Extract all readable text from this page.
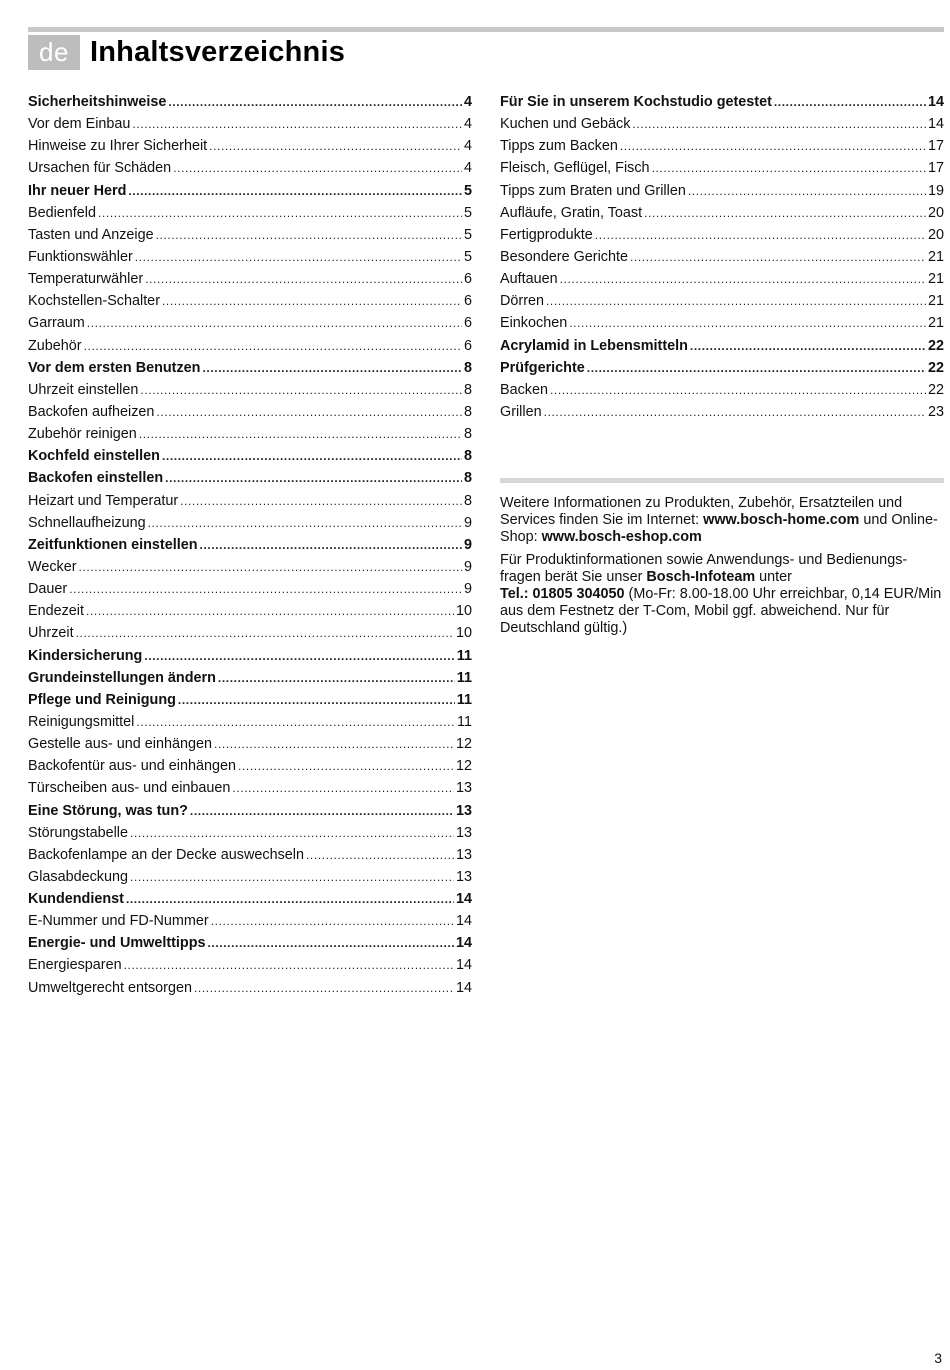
de Inhaltsverzeichnis
Sicherheitshinweise .....	4
Vor dem Einbau .....	4
Hinweise zu Ihrer Sicherheit .....	4
Ursachen für Schäden .....	4
Ihr neuer Herd .....	5
Bedienfeld .....	5
Tasten und Anzeige .....	5
Funktionswähler .....	5
Temperaturwähler .....	6
Kochstellen-Schalter .....	6
Garraum .....	6
Zubehör .....	6
Vor dem ersten Benutzen .....	8
Uhrzeit einstellen .....	8
Backofen aufheizen .....	8
Zubehör reinigen .....	8
Kochfeld einstellen .....	8
Backofen einstellen .....	8
Heizart und Temperatur .....	8
Schnellaufheizung .....	9
Zeitfunktionen einstellen .....	9
Wecker .....	9
Dauer .....	9
Endezeit .....	10
Uhrzeit .....	10
Kindersicherung .....	11
Grundeinstellungen ändern .....	11
Pflege und Reinigung .....	11
Reinigungsmittel .....	11
Gestelle aus- und einhängen .....	12
Backofentür aus- und einhängen .....	12
Türscheiben aus- und einbauen .....	13
Eine Störung, was tun? .....	13
Störungstabelle .....	13
Backofenlampe an der Decke auswechseln .....	13
Glasabdeckung .....	13
Kundendienst .....	14
E-Nummer und FD-Nummer .....	14
Energie- und Umwelttipps .....	14
Energiesparen .....	14
Umweltgerecht entsorgen .....	14
Für Sie in unserem Kochstudio getestet .....	14
Kuchen und Gebäck .....	14
Tipps zum Backen .....	17
Fleisch, Geflügel, Fisch .....	17
Tipps zum Braten und Grillen .....	19
Aufläufe, Gratin, Toast .....	20
Fertigprodukte .....	20
Besondere Gerichte .....	21
Auftauen .....	21
Dörren .....	21
Einkochen .....	21
Acrylamid in Lebensmitteln .....	22
Prüfgerichte .....	22
Backen .....	22
Grillen .....	23

Weitere Informationen zu Produkten, Zubehör, Ersatzteilen und Services finden Sie im Internet: www.bosch-home.com und Online-Shop: www.bosch-eshop.com

Für Produktinformationen sowie Anwendungs- und Bedienungs-fragen berät Sie unser Bosch-Infoteam unter
Tel.: 01805 304050 (Mo-Fr: 8.00-18.00 Uhr erreichbar, 0,14 EUR/Min aus dem Festnetz der T-Com, Mobil ggf. abweichend. Nur für Deutschland gültig.)

3
